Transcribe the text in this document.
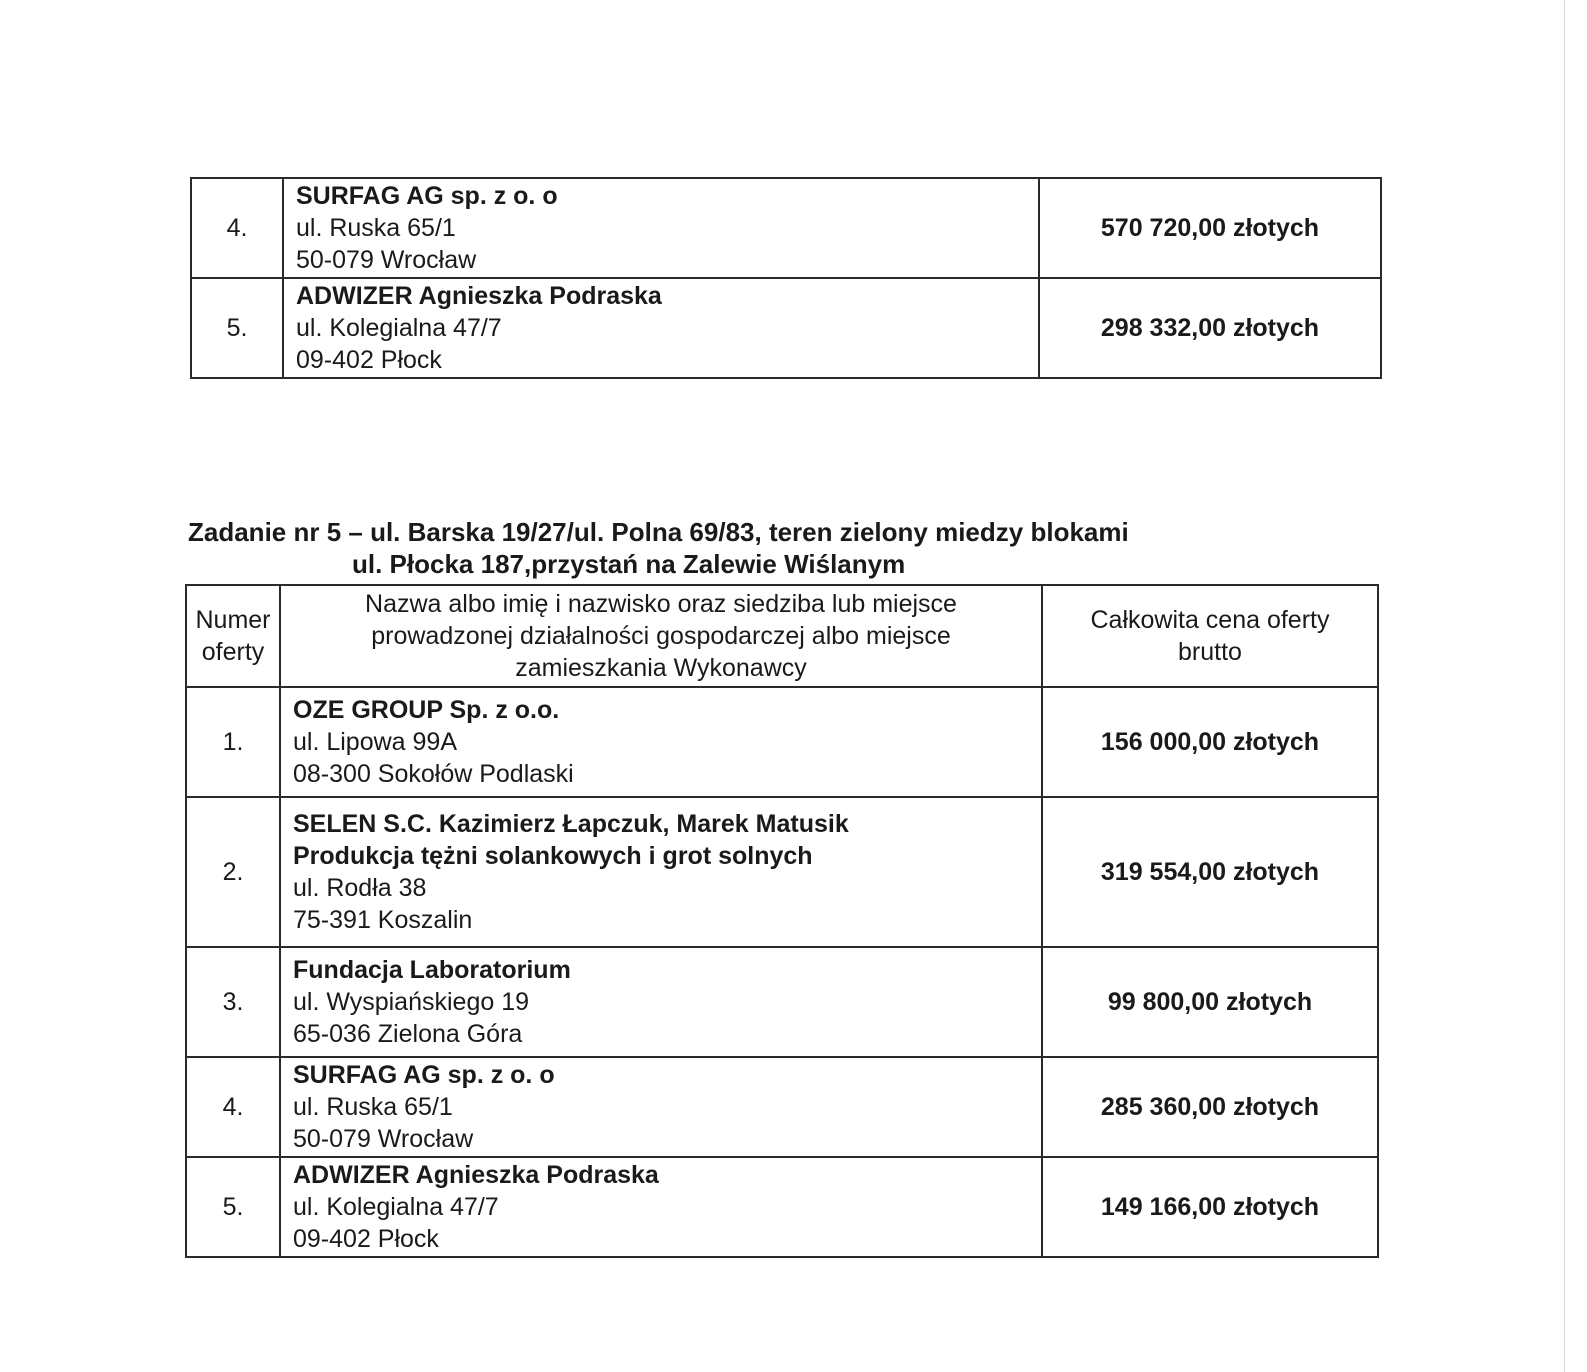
4.	SURFAG AG sp. z o. o
ul. Ruska 65/1
50-079 Wrocław	570 720,00 złotych
5.	ADWIZER Agnieszka Podraska
ul. Kolegialna 47/7
09-402 Płock	298 332,00 złotych
Zadanie nr 5 – ul. Barska 19/27/ul. Polna 69/83, teren zielony miedzy blokami
ul. Płocka 187,przystań na Zalewie Wiślanym
Numer
oferty	Nazwa albo imię i nazwisko oraz siedziba lub miejsce
prowadzonej działalności gospodarczej albo miejsce
zamieszkania Wykonawcy	Całkowita cena oferty
brutto

1.	OZE GROUP Sp. z o.o.
ul. Lipowa 99A
08-300 Sokołów Podlaski	156 000,00 złotych
2.	SELEN S.C. Kazimierz Łapczuk, Marek Matusik
Produkcja tężni solankowych i grot solnych
ul. Rodła 38
75-391 Koszalin	319 554,00 złotych
3.	Fundacja Laboratorium
ul. Wyspiańskiego 19
65-036 Zielona Góra	99 800,00 złotych
4.	SURFAG AG sp. z o. o
ul. Ruska 65/1
50-079 Wrocław	285 360,00 złotych
5.	ADWIZER Agnieszka Podraska
ul. Kolegialna 47/7
09-402 Płock	149 166,00 złotych
